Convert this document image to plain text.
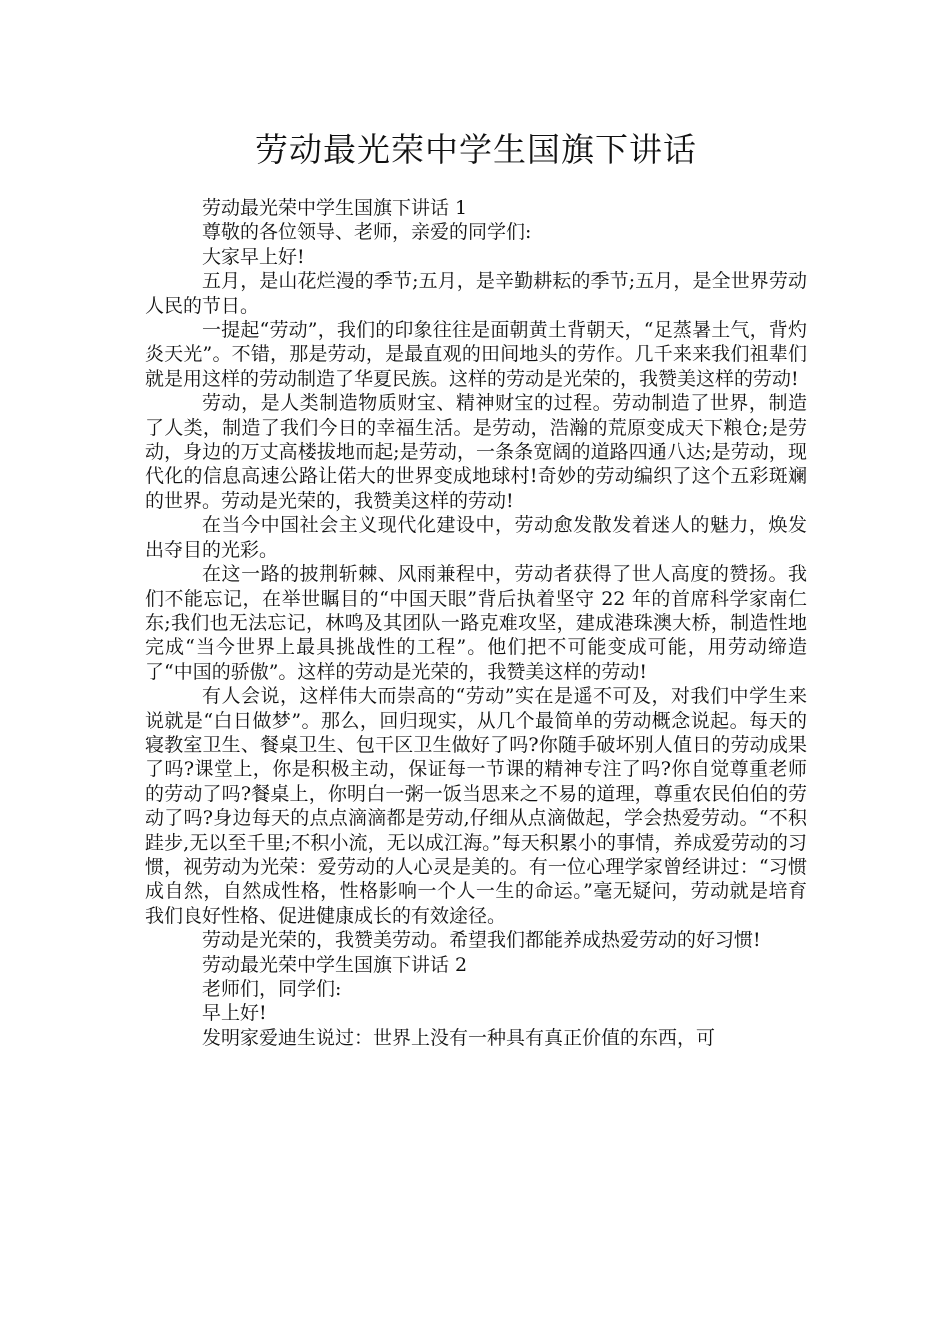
劳动最光荣中学生国旗下讲话

劳动最光荣中学生国旗下讲话 1

尊敬的各位领导、老师，亲爱的同学们:

大家早上好!

五月，是山花烂漫的季节;五月，是辛勤耕耘的季节;五月，是全世界劳动人民的节日。

一提起“劳动”，我们的印象往往是面朝黄土背朝天，“足蒸暑土气，背灼炎天光”。不错，那是劳动，是最直观的田间地头的劳作。几千来来我们祖辈们就是用这样的劳动制造了华夏民族。这样的劳动是光荣的，我赞美这样的劳动!

劳动，是人类制造物质财宝、精神财宝的过程。劳动制造了世界，制造了人类，制造了我们今日的幸福生活。是劳动，浩瀚的荒原变成天下粮仓;是劳动，身边的万丈高楼拔地而起;是劳动，一条条宽阔的道路四通八达;是劳动，现代化的信息高速公路让偌大的世界变成地球村!奇妙的劳动编织了这个五彩斑斓的世界。劳动是光荣的，我赞美这样的劳动!

在当今中国社会主义现代化建设中，劳动愈发散发着迷人的魅力，焕发出夺目的光彩。

在这一路的披荆斩棘、风雨兼程中，劳动者获得了世人高度的赞扬。我们不能忘记，在举世瞩目的“中国天眼”背后执着坚守 22 年的首席科学家南仁东;我们也无法忘记，林鸣及其团队一路克难攻坚，建成港珠澳大桥，制造性地完成“当今世界上最具挑战性的工程”。他们把不可能变成可能，用劳动缔造了“中国的骄傲”。这样的劳动是光荣的，我赞美这样的劳动!

有人会说，这样伟大而崇高的“劳动”实在是遥不可及，对我们中学生来说就是“白日做梦”。那么，回归现实，从几个最简单的劳动概念说起。每天的寝教室卫生、餐桌卫生、包干区卫生做好了吗?你随手破坏别人值日的劳动成果了吗?课堂上，你是积极主动，保证每一节课的精神专注了吗?你自觉尊重老师的劳动了吗?餐桌上，你明白一粥一饭当思来之不易的道理，尊重农民伯伯的劳动了吗?身边每天的点点滴滴都是劳动,仔细从点滴做起，学会热爱劳动。“不积跬步,无以至千里;不积小流，无以成江海。”每天积累小的事情，养成爱劳动的习惯，视劳动为光荣：爱劳动的人心灵是美的。有一位心理学家曾经讲过：“习惯成自然，自然成性格，性格影响一个人一生的命运。”毫无疑问，劳动就是培育我们良好性格、促进健康成长的有效途径。

劳动是光荣的，我赞美劳动。希望我们都能养成热爱劳动的好习惯!

劳动最光荣中学生国旗下讲话 2

老师们，同学们:

早上好!

发明家爱迪生说过：世界上没有一种具有真正价值的东西，可
